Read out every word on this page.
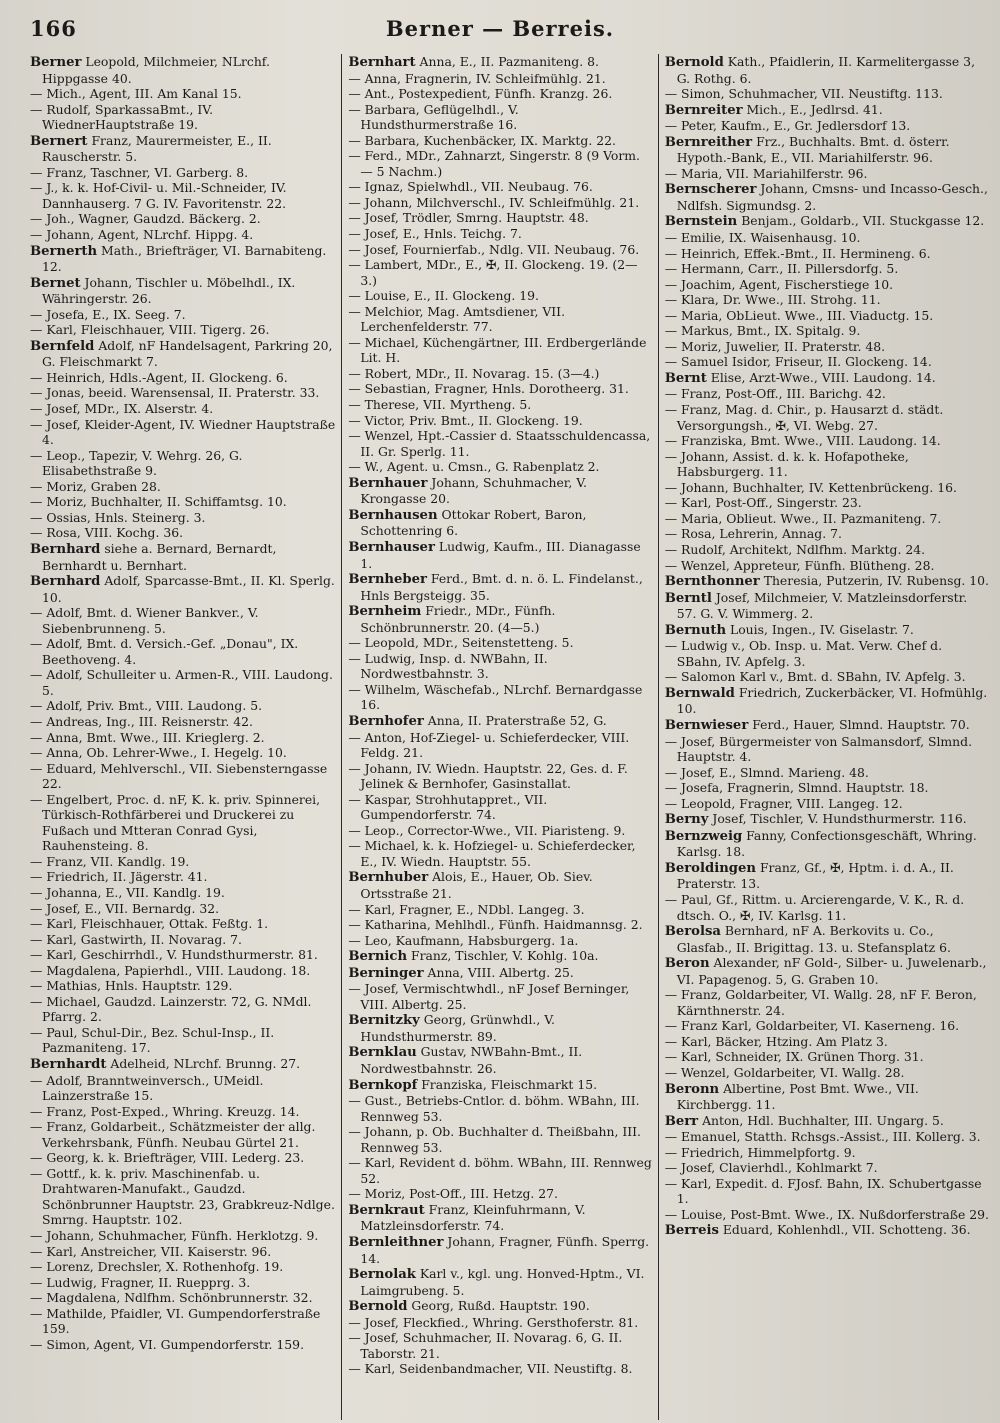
166	Berner — Berreis.

Berner Leopold, Milchmeier, NLrchf. Hippgasse 40.

— Mich., Agent, III. Am Kanal 15.

— Rudolf, SparkassaBmt., IV. WiednerHauptstraße 19.

Bernert Franz, Maurermeister, E., II. Rauscherstr. 5.

— Franz, Taschner, VI. Garberg. 8.

— J., k. k. Hof-Civil- u. Mil.-Schneider, IV. Dannhauserg. 7 G. IV. Favoritenstr. 22.

— Joh., Wagner, Gaudzd. Bäckerg. 2.

— Johann, Agent, NLrchf. Hippg. 4.

Bernerth Math., Briefträger, VI. Barnabiteng. 12.

Bernet Johann, Tischler u. Möbelhdl., IX. Währingerstr. 26.

— Josefa, E., IX. Seeg. 7.

— Karl, Fleischhauer, VIII. Tigerg. 26.

Bernfeld Adolf, nF Handelsagent, Parkring 20, G. Fleischmarkt 7.

— Heinrich, Hdls.-Agent, II. Glockeng. 6.

— Jonas, beeid. Warensensal, II. Praterstr. 33.

— Josef, MDr., IX. Alserstr. 4.

— Josef, Kleider-Agent, IV. Wiedner Hauptstraße 4.

— Leop., Tapezir, V. Wehrg. 26, G. Elisabethstraße 9.

— Moriz, Graben 28.

— Moriz, Buchhalter, II. Schiffamtsg. 10.

— Ossias, Hnls. Steinerg. 3.

— Rosa, VIII. Kochg. 36.

Bernhard siehe a. Bernard, Bernardt, Bernhardt u. Bernhart.

Bernhard Adolf, Sparcasse-Bmt., II. Kl. Sperlg. 10.

— Adolf, Bmt. d. Wiener Bankver., V. Siebenbrunneng. 5.

— Adolf, Bmt. d. Versich.-Gef. „Donau", IX. Beethoveng. 4.

— Adolf, Schulleiter u. Armen-R., VIII. Laudong. 5.

— Adolf, Priv. Bmt., VIII. Laudong. 5.

— Andreas, Ing., III. Reisnerstr. 42.

— Anna, Bmt. Wwe., III. Krieglerg. 2.

— Anna, Ob. Lehrer-Wwe., I. Hegelg. 10.

— Eduard, Mehlverschl., VII. Siebensterngasse 22.

— Engelbert, Proc. d. nF, K. k. priv. Spinnerei, Türkisch-Rothfärberei und Druckerei zu Fußach und Mtteran Conrad Gysi, Rauhensteing. 8.

— Franz, VII. Kandlg. 19.

— Friedrich, II. Jägerstr. 41.

— Johanna, E., VII. Kandlg. 19.

— Josef, E., VII. Bernardg. 32.

— Karl, Fleischhauer, Ottak. Feßtg. 1.

— Karl, Gastwirth, II. Novarag. 7.

— Karl, Geschirrhdl., V. Hundsthurmerstr. 81.

— Magdalena, Papierhdl., VIII. Laudong. 18.

— Mathias, Hnls. Hauptstr. 129.

— Michael, Gaudzd. Lainzerstr. 72, G. NMdl. Pfarrg. 2.

— Paul, Schul-Dir., Bez. Schul-Insp., II. Pazmaniteng. 17.

Bernhardt Adelheid, NLrchf. Brunng. 27.

— Adolf, Branntweinversch., UMeidl. Lainzerstraße 15.

— Franz, Post-Exped., Whring. Kreuzg. 14.

— Franz, Goldarbeit., Schätzmeister der allg. Verkehrsbank, Fünfh. Neubau Gürtel 21.

— Georg, k. k. Briefträger, VIII. Lederg. 23.

— Gottf., k. k. priv. Maschinenfab. u. Drahtwaren-Manufakt., Gaudzd. Schönbrunner Hauptstr. 23, Grabkreuz-Ndlge. Smrng. Hauptstr. 102.

— Johann, Schuhmacher, Fünfh. Herklotzg. 9.

— Karl, Anstreicher, VII. Kaiserstr. 96.

— Lorenz, Drechsler, X. Rothenhofg. 19.

— Ludwig, Fragner, II. Ruepprg. 3.

— Magdalena, Ndlfhm. Schönbrunnerstr. 32.

— Mathilde, Pfaidler, VI. Gumpendorferstraße 159.

— Simon, Agent, VI. Gumpendorferstr. 159.

Bernhart Anna, E., II. Pazmaniteng. 8.

— Anna, Fragnerin, IV. Schleifmühlg. 21.

— Ant., Postexpedient, Fünfh. Kranzg. 26.

— Barbara, Geflügelhdl., V. Hundsthurmerstraße 16.

— Barbara, Kuchenbäcker, IX. Marktg. 22.

— Ferd., MDr., Zahnarzt, Singerstr. 8 (9 Vorm. — 5 Nachm.)

— Ignaz, Spielwhdl., VII. Neubaug. 76.

— Johann, Milchverschl., IV. Schleifmühlg. 21.

— Josef, Trödler, Smrng. Hauptstr. 48.

— Josef, E., Hnls. Teichg. 7.

— Josef, Fournierfab., Ndlg. VII. Neubaug. 76.

— Lambert, MDr., E., ✠, II. Glockeng. 19. (2—3.)

— Louise, E., II. Glockeng. 19.

— Melchior, Mag. Amtsdiener, VII. Lerchenfelderstr. 77.

— Michael, Küchengärtner, III. Erdbergerlände Lit. H.

— Robert, MDr., II. Novarag. 15. (3—4.)

— Sebastian, Fragner, Hnls. Dorotheerg. 31.

— Therese, VII. Myrtheng. 5.

— Victor, Priv. Bmt., II. Glockeng. 19.

— Wenzel, Hpt.-Cassier d. Staatsschuldencassa, II. Gr. Sperlg. 11.

— W., Agent. u. Cmsn., G. Rabenplatz 2.

Bernhauer Johann, Schuhmacher, V. Krongasse 20.

Bernhausen Ottokar Robert, Baron, Schottenring 6.

Bernhauser Ludwig, Kaufm., III. Dianagasse 1.

Bernheber Ferd., Bmt. d. n. ö. L. Findelanst., Hnls Bergsteigg. 35.

Bernheim Friedr., MDr., Fünfh. Schönbrunnerstr. 20. (4—5.)

— Leopold, MDr., Seitenstetteng. 5.

— Ludwig, Insp. d. NWBahn, II. Nordwestbahnstr. 3.

— Wilhelm, Wäschefab., NLrchf. Bernardgasse 16.

Bernhofer Anna, II. Praterstraße 52, G.

— Anton, Hof-Ziegel- u. Schieferdecker, VIII. Feldg. 21.

— Johann, IV. Wiedn. Hauptstr. 22, Ges. d. F. Jelinek & Bernhofer, Gasinstallat.

— Kaspar, Strohhutappret., VII. Gumpendorferstr. 74.

— Leop., Corrector-Wwe., VII. Piaristeng. 9.

— Michael, k. k. Hofziegel- u. Schieferdecker, E., IV. Wiedn. Hauptstr. 55.

Bernhuber Alois, E., Hauer, Ob. Siev. Ortsstraße 21.

— Karl, Fragner, E., NDbl. Langeg. 3.

— Katharina, Mehlhdl., Fünfh. Haidmannsg. 2.

— Leo, Kaufmann, Habsburgerg. 1a.

Bernich Franz, Tischler, V. Kohlg. 10a.

Berninger Anna, VIII. Albertg. 25.

— Josef, Vermischtwhdl., nF Josef Berninger, VIII. Albertg. 25.

Bernitzky Georg, Grünwhdl., V. Hundsthurmerstr. 89.

Bernklau Gustav, NWBahn-Bmt., II. Nordwestbahnstr. 26.

Bernkopf Franziska, Fleischmarkt 15.

— Gust., Betriebs-Cntlor. d. böhm. WBahn, III. Rennweg 53.

— Johann, p. Ob. Buchhalter d. Theißbahn, III. Rennweg 53.

— Karl, Revident d. böhm. WBahn, III. Rennweg 52.

— Moriz, Post-Off., III. Hetzg. 27.

Bernkraut Franz, Kleinfuhrmann, V. Matzleinsdorferstr. 74.

Bernleithner Johann, Fragner, Fünfh. Sperrg. 14.

Bernolak Karl v., kgl. ung. Honved-Hptm., VI. Laimgrubeng. 5.

Bernold Georg, Rußd. Hauptstr. 190.

— Josef, Fleckfied., Whring. Gersthoferstr. 81.

— Josef, Schuhmacher, II. Novarag. 6, G. II. Taborstr. 21.

— Karl, Seidenbandmacher, VII. Neustiftg. 8.

Bernold Kath., Pfaidlerin, II. Karmelitergasse 3, G. Rothg. 6.

— Simon, Schuhmacher, VII. Neustiftg. 113.

Bernreiter Mich., E., Jedlrsd. 41.

— Peter, Kaufm., E., Gr. Jedlersdorf 13.

Bernreither Frz., Buchhalts. Bmt. d. österr. Hypoth.-Bank, E., VII. Mariahilferstr. 96.

— Maria, VII. Mariahilferstr. 96.

Bernscherer Johann, Cmsns- und Incasso-Gesch., Ndlfsh. Sigmundsg. 2.

Bernstein Benjam., Goldarb., VII. Stuckgasse 12.

— Emilie, IX. Waisenhausg. 10.

— Heinrich, Effek.-Bmt., II. Hermineng. 6.

— Hermann, Carr., II. Pillersdorfg. 5.

— Joachim, Agent, Fischerstiege 10.

— Klara, Dr. Wwe., III. Strohg. 11.

— Maria, ObLieut. Wwe., III. Viaductg. 15.

— Markus, Bmt., IX. Spitalg. 9.

— Moriz, Juwelier, II. Praterstr. 48.

— Samuel Isidor, Friseur, II. Glockeng. 14.

Bernt Elise, Arzt-Wwe., VIII. Laudong. 14.

— Franz, Post-Off., III. Barichg. 42.

— Franz, Mag. d. Chir., p. Hausarzt d. städt. Versorgungsh., ✠, VI. Webg. 27.

— Franziska, Bmt. Wwe., VIII. Laudong. 14.

— Johann, Assist. d. k. k. Hofapotheke, Habsburgerg. 11.

— Johann, Buchhalter, IV. Kettenbrückeng. 16.

— Karl, Post-Off., Singerstr. 23.

— Maria, Oblieut. Wwe., II. Pazmaniteng. 7.

— Rosa, Lehrerin, Annag. 7.

— Rudolf, Architekt, Ndlfhm. Marktg. 24.

— Wenzel, Appreteur, Fünfh. Blütheng. 28.

Bernthonner Theresia, Putzerin, IV. Rubensg. 10.

Berntl Josef, Milchmeier, V. Matzleinsdorferstr. 57. G. V. Wimmerg. 2.

Bernuth Louis, Ingen., IV. Giselastr. 7.

— Ludwig v., Ob. Insp. u. Mat. Verw. Chef d. SBahn, IV. Apfelg. 3.

— Salomon Karl v., Bmt. d. SBahn, IV. Apfelg. 3.

Bernwald Friedrich, Zuckerbäcker, VI. Hofmühlg. 10.

Bernwieser Ferd., Hauer, Slmnd. Hauptstr. 70.

— Josef, Bürgermeister von Salmansdorf, Slmnd. Hauptstr. 4.

— Josef, E., Slmnd. Marieng. 48.

— Josefa, Fragnerin, Slmnd. Hauptstr. 18.

— Leopold, Fragner, VIII. Langeg. 12.

Berny Josef, Tischler, V. Hundsthurmerstr. 116.

Bernzweig Fanny, Confectionsgeschäft, Whring. Karlsg. 18.

Beroldingen Franz, Gf., ✠, Hptm. i. d. A., II. Praterstr. 13.

— Paul, Gf., Rittm. u. Arcierengarde, V. K., R. d. dtsch. O., ✠, IV. Karlsg. 11.

Berolsa Bernhard, nF A. Berkovits u. Co., Glasfab., II. Brigittag. 13. u. Stefansplatz 6.

Beron Alexander, nF Gold-, Silber- u. Juwelenarb., VI. Papagenog. 5, G. Graben 10.

— Franz, Goldarbeiter, VI. Wallg. 28, nF F. Beron, Kärnthnerstr. 24.

— Franz Karl, Goldarbeiter, VI. Kaserneng. 16.

— Karl, Bäcker, Htzing. Am Platz 3.

— Karl, Schneider, IX. Grünen Thorg. 31.

— Wenzel, Goldarbeiter, VI. Wallg. 28.

Beronn Albertine, Post Bmt. Wwe., VII. Kirchbergg. 11.

Berr Anton, Hdl. Buchhalter, III. Ungarg. 5.

— Emanuel, Statth. Rchsgs.-Assist., III. Kollerg. 3.

— Friedrich, Himmelpfortg. 9.

— Josef, Clavierhdl., Kohlmarkt 7.

— Karl, Expedit. d. FJosf. Bahn, IX. Schubertgasse 1.

— Louise, Post-Bmt. Wwe., IX. Nußdorferstraße 29.

Berreis Eduard, Kohlenhdl., VII. Schotteng. 36.
